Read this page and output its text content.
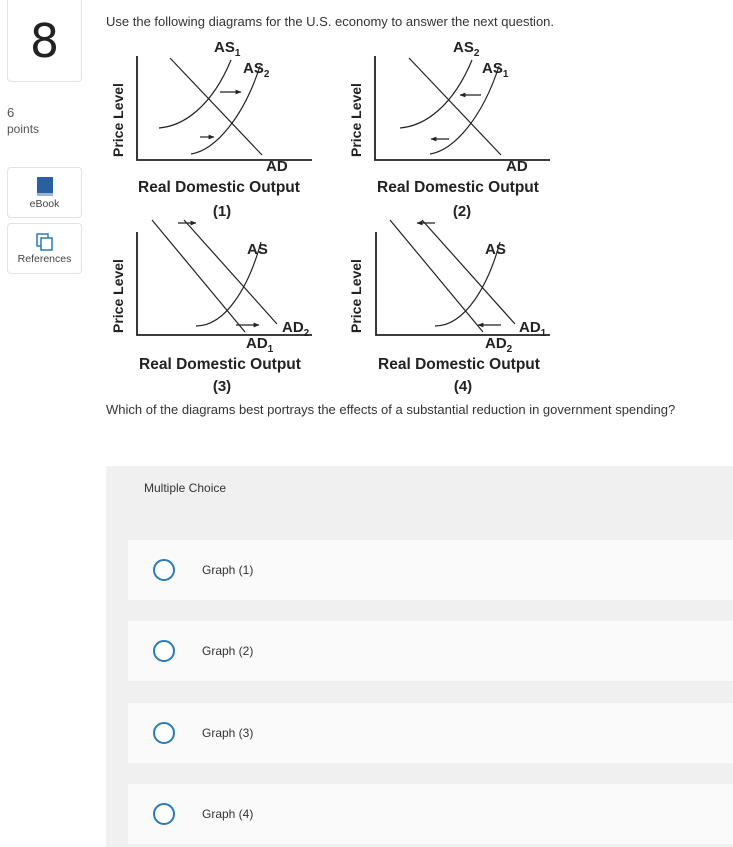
8
6
points
eBook
References
Use the following diagrams for the U.S. economy to answer the next question.
Price Level	Price Level
Price Level	Price Level
Real Domestic Output	Real Domestic Output
Real Domestic Output	Real Domestic Output
(1)	(2)
(3)	(4)
$AS_1$
$AS_2$
AD
$AS_2$
$AS_1$
AD
AS
$AD_2$
$AD_1$
AS
$AD_1$
$AD_2$
Which of the diagrams best portrays the effects of a substantial reduction in government spending?
Multiple Choice
Graph (1)
Graph (2)
Graph (3)
Graph (4)
